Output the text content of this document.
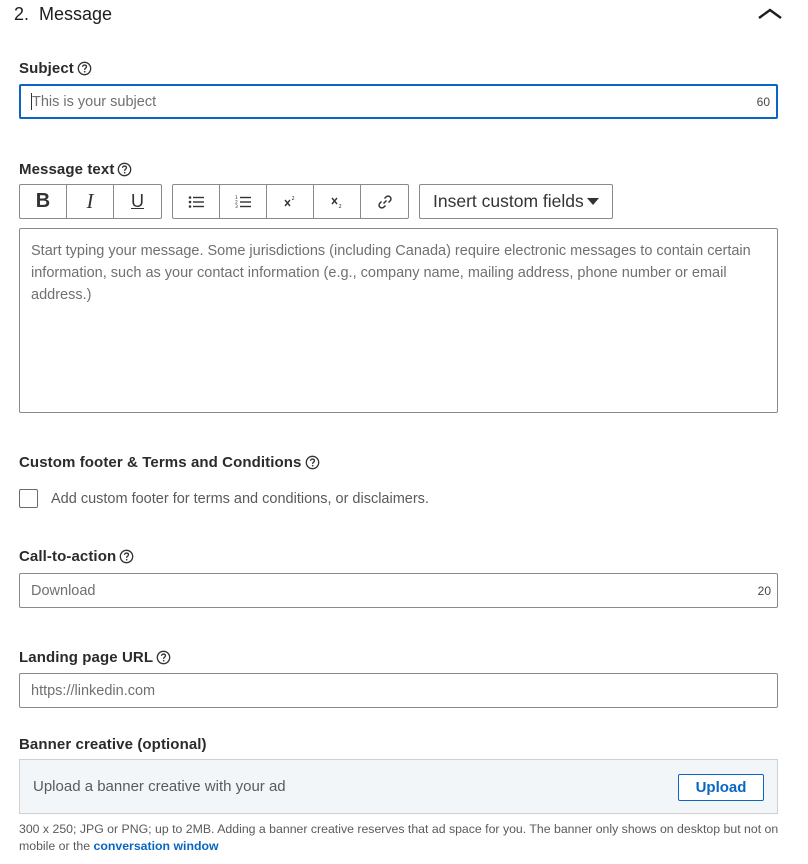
2. Message
Subject
This is your subject	60
Message text
B	I	U	1
2
3
2
2	Insert custom fields
Start typing your message. Some jurisdictions (including Canada) require electronic messages to contain certain information, such as your contact information (e.g., company name, mailing address, phone number or email address.)
Custom footer & Terms and Conditions
Add custom footer for terms and conditions, or disclaimers.
Call-to-action
Download	20
Landing page URL
https://linkedin.com
Banner creative (optional)
Upload a banner creative with your ad	Upload
300 x 250; JPG or PNG; up to 2MB. Adding a banner creative reserves that ad space for you. The banner only shows on desktop but not on mobile or the conversation window
